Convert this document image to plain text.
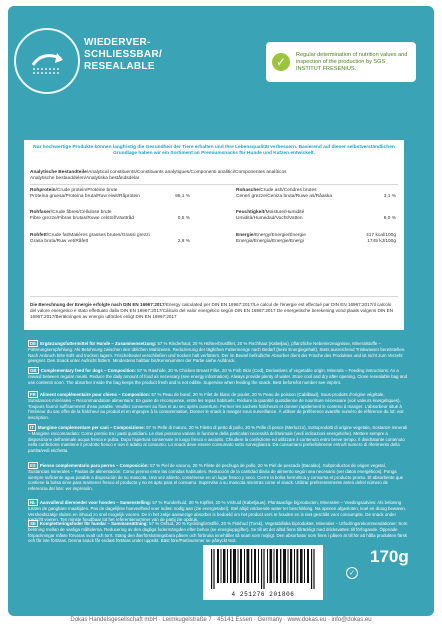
WIEDERVER-
SCHLIESSBAR/
RESEALABLE	✓
Regular determination of nutrition values and inspection of the production by SGS INSTITUT FRESENIUS.
Nur hochwertige Produkte können langfristig die Gesundheit der Tiere erhalten und Ihre Lebensqualität verbessern. Basierend auf dieser selbstverständlichen Grundlage haben wir ein Sortiment an Premiumsnacks für Hunde und Katzen entwickelt.
Analytische Bestandteile/Analytical constituents/Constituants analytiques/Componenti analitici/Componentes analíticos
Analytische bestanddelen/Analytiska beståndsdelar
Rohprotein/Crude protein/Protéine brute
Proteína gruesa/Proteína bruta/Ruw eiwit/Råprotein	95,1 %
Rohasche/Crude ash/Cendres brutes
Ceneri grezze/Ceniza bruta/Ruwe as/Råaska	3,1 %
Rohfaser/Crude fibres/Cellulose brute
Fibre grezze/Fibras brutas/Ruwe celstof/Växttråd	0,5 %
Feuchtigkeit/Moisture/Humidité
Umidità/Humedad/Vocht/Vatten	8,0 %
Rohfett/Crude fat/Matières grasses brutes/Grassi grezzi
Grasa bruta/Ruw vet/Råfett	2,8 %
Energie/Energy/Energie/Énergie	417 kcal/100g
Energia/Energía/Energie/Energi	1745 kJ/100g
Die Berechnung der Energie erfolgte nach DIN EN 16967:2017/Energy calculated per DIN EN 16967:2017/Le calcul de l'énergie est effectué par DIN EN 16967:2017/Il calcolo del valore energetico è stato effettuato dalla DIN EN 16967:2017/Cálculo del valor energético según DIN EN 16967:2017 De energetische berekening vond plaats volgens DIN EN 16967:2017/Beräkningen av energin utfördes enligt DIN EN 16967:2017
DE Ergänzungsfuttermittel für Hunde – Zusammensetzung: 57 % Rinderhaut, 20 % Hühnerbrustfilet, 20 % Fischhaut (Kabeljau), pflanzliche Nebenerzeugnisse, Mineralstoffe – Fütterungsempfehlung: Als Belohnung zwischen den üblichen Mahlzeiten. Reduzierung der täglichen Futtermenge nach Bedarf (beim Energiegehalt). Stets ausreichend Trinkwasser bereitstellen. Nach Anbruch bitte kühl und trocken lagern. Frischebeutel verschließen und trocken halt verfüttern. Der im Beutel befindliche Absorber dient der Frische des Produktes und ist nicht zum Verzehr geeignet. Den Snack unter Aufsicht füttern. Mindestens haltbar bis/Kennnummer der Partie siehe Aufdruck.
GB Complementary feed for dogs – Composition: 57 % Rawhide, 20 % Chicken Breast Fillet, 20 % Fish Skin (Cod), Derivatives of vegetable origin, Minerals – Feeding instructions: As a reward between regular meals. Reduce the daily amount of food as necessary (see energy information). Always provide plenty of water. Store cool and dry after opening. Close resealable bag and use contents soon. The absorber inside the bag keeps the product fresh and is not edible. Supervise when feeding the snack. Best before/lot number see imprint.
FR Aliment complémentaire pour chiens – Composition: 57 % Peau de bœuf, 20 % Filet de blanc de poulet, 20 % Peau de poisson (Cabillaud), Sous-produits d'origine végétale, Substances minérales – Recommandation alimentaire: En guise de récompense, entre les repas habituels. Réduire la quantité quotidienne de nourriture nécessaire (voir valeurs énergétiques). Toujours fournir suffisamment d'eau potable. Veuillez conserver au frais et au sec après ouverture. Fermer les sachets fraîcheurs et donner rapidement le contenu à manger. L'absorbeur situé à l'intérieur du sac offre de la fraîcheur au produit et en impropre à la consommation. Donner le snack à manger sous surveillance. À utiliser de préférence avant/le numéro de référence du lot: voir inscription.
IT Mangime complementare per cani – Composizione: 57 % Pelle di manzo, 20 % Filetto di petto di pollo, 20 % Pelle di pesce (Merluzzo), Sottoprodotti di origine vegetale, Sostanze minerali – Mangime raccomandato: Come premio tra i pasti quotidiani. Le dosi possono variare in funzione della particolari necessità dell'animale (vedi indicazioni energetiche). Mettere sempre a disposizione dell'animale acqua fresca e pulita. Dopo l'apertura conservare in luogo fresco e asciutto. Chiudere la confezione ed utilizzare il contenuto entro breve tempo. Il disidratante contenuto nella confezione mantiene il prodotto fresco e non è adatto al consumo. Lo snack deve essere consumato sotto sorveglianza. Da consumarsi preferibilmente entro/il numero di riferimento della partita/vedi etichetta.
ES Pienso complementario para perros – Composición: 57 % Piel de vacuno, 20 % Filete de pechuga de pollo, 20 % Piel de pescado (Bacalao), Subproductos de origen vegetal, Sustancias minerales – Pautas de alimentación: Como premio entre las comidas habituales. Reducción de la cantidad diaria de alimento según sea necesario (ver datos energéticos). Ponga siempre suficiente agua potable a disposición de su mascota. Una vez abierto, consérvese en un lugar fresco y seco. Cierre la bolsa hermética y consuma el producto pronto. El absorbente que contiene la bolsa sirve para mantener fresco el producto y no es apto para el consumo. Supervise a su mascota mientras come el snack. Utilizar preferentemente antes del/el número de referencia del lote: ver impresión.
NL Aanvullend diervoeder voor honden – Samenstelling: 57 % Runderhuid, 20 % Kipfilet, 20 % Vishuid (Kabeljauw), Plantaardige bijproducten, Mineralen – Voedingsadvies: Als beloning tussen de gangbare maaltijden. Pas de dagelijkse hoeveelheid voer indien nodig aan (zie energietabel). Stel altijd voldoende water ter beschikking. Na openen afgesloten, koel en droog bewaren. Versheidszakje sluiten en inhoud zo snel mogelijk voeren. De in het zakje aanwezige absorber is bedoeld om het product vers te houden en is niet geschikt voor consumptie. De snack onder toezicht voeren. Ten minste houdbaar tot het referentienummer van de partij zie opdruk.
SE Kompletteringsfoder för hundar – Sammansättning: 57 % Oxhud, 20 % Kycklingbröstfilé, 20 % Fiskhud (Torsk), Vegetabiliska biprodukter, Mineraler – Utfodringsrekommendationer: Som belöning mellan de vanliga måltiderna. Reducering av den dagliga fodermängden efter behov (se energiuppgifter). Se till att det alltid finns tillräckligt med dricksvatten till förfogande. Öppnade förpackningar måste förvaras svalt och torrt. Stäng den återförslutningsbara påsen och förbruka innehållet så snart som möjligt. Den absorbator som finns i påsen är till för att hålla produkten färsk och får inte förtäras. Denna snack får endast förtäras under uppsikt. Bäst före/Partinummer se påtryckt text.
4 251276 201806
170g
✓
Dokas Handelsgesellschaft mbH · Leimkugelstraße 7 · 45141 Essen · Germany · www.dokas.eu · info@dokas.eu
